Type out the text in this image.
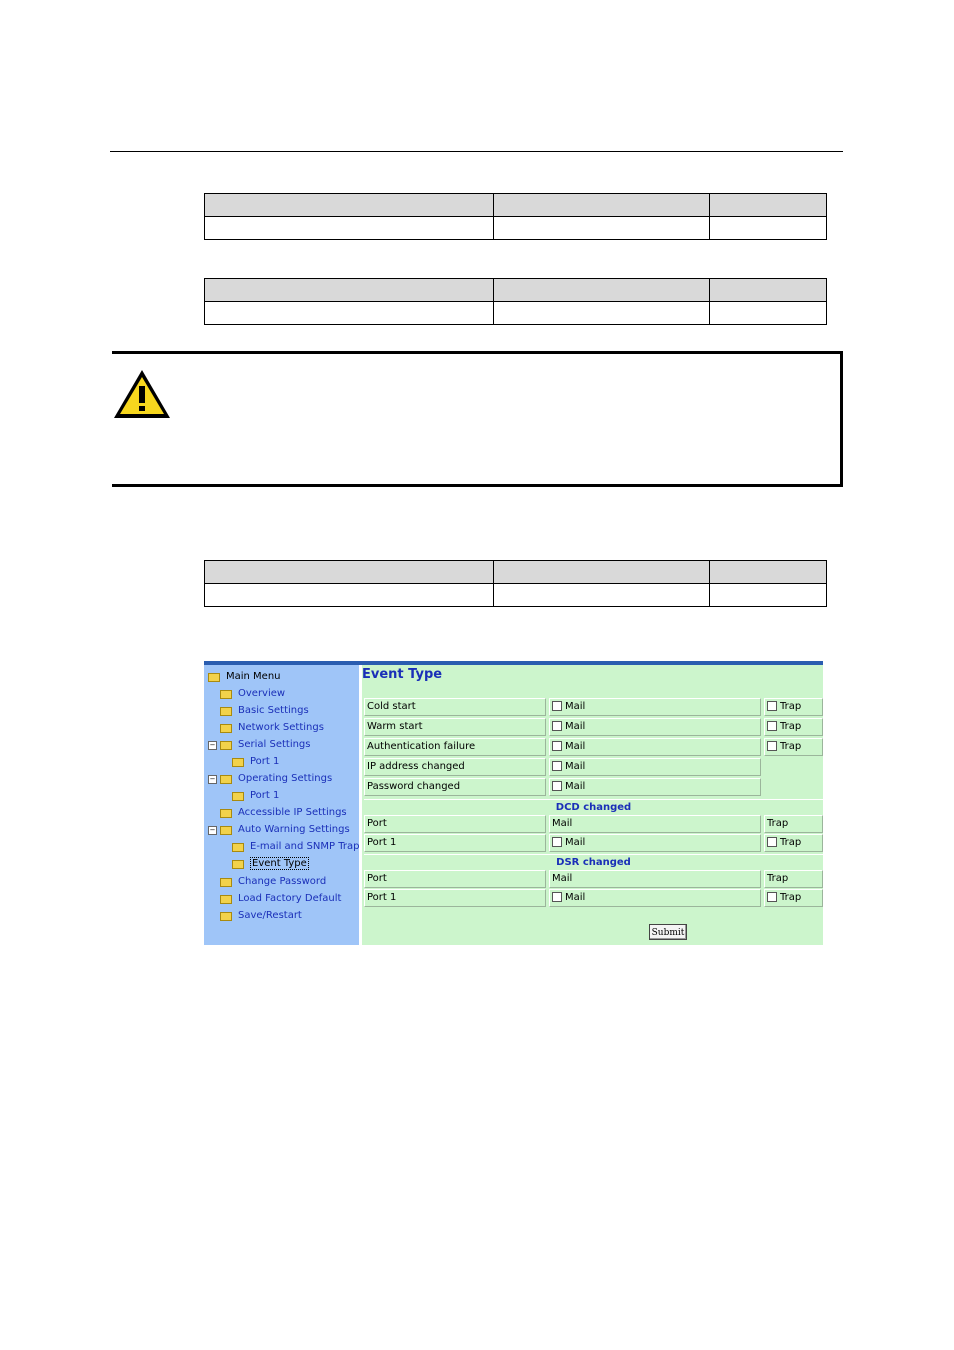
Main Menu
Overview
Basic Settings
Network Settings
−	Serial Settings
Port 1
−	Operating Settings
Port 1
Accessible IP Settings
−	Auto Warning Settings
E-mail and SNMP Trap
Event Type
Change Password
Load Factory Default
Save/Restart
Event Type
Cold start	Mail	Trap
Warm start	Mail	Trap
Authentication failure	Mail	Trap
IP address changed	Mail
Password changed	Mail
DCD changed
Port	Mail	Trap
Port 1	Mail	Trap
DSR changed
Port	Mail	Trap
Port 1	Mail	Trap
Submit
